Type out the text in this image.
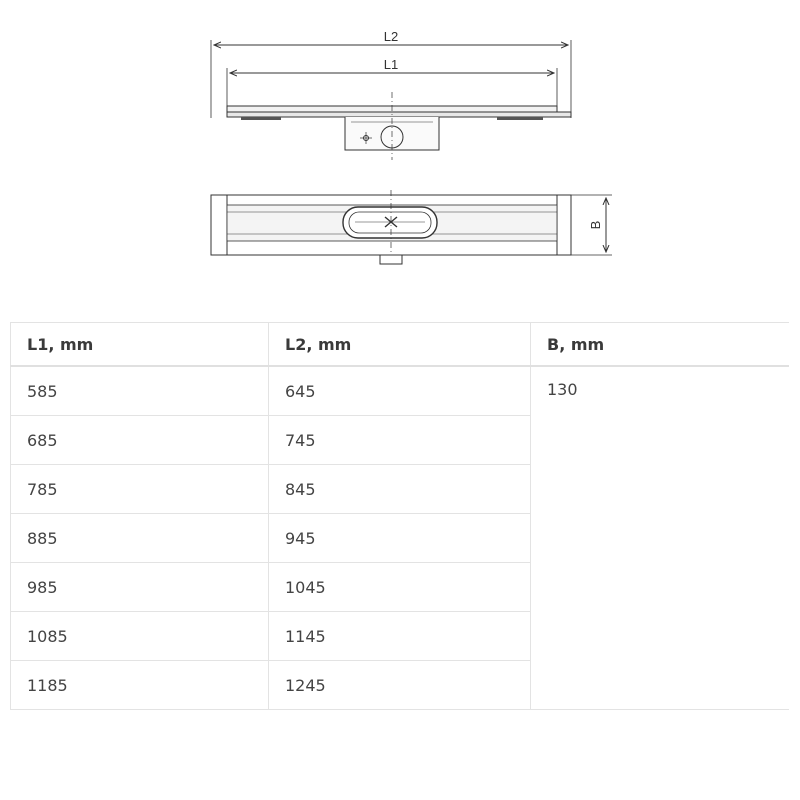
L2
L1
B
L1, mm	L2, mm	B, mm
585	645	130
685	745	
785	845	
885	945	
985	1045	
1085	1145	
1185	1245	
